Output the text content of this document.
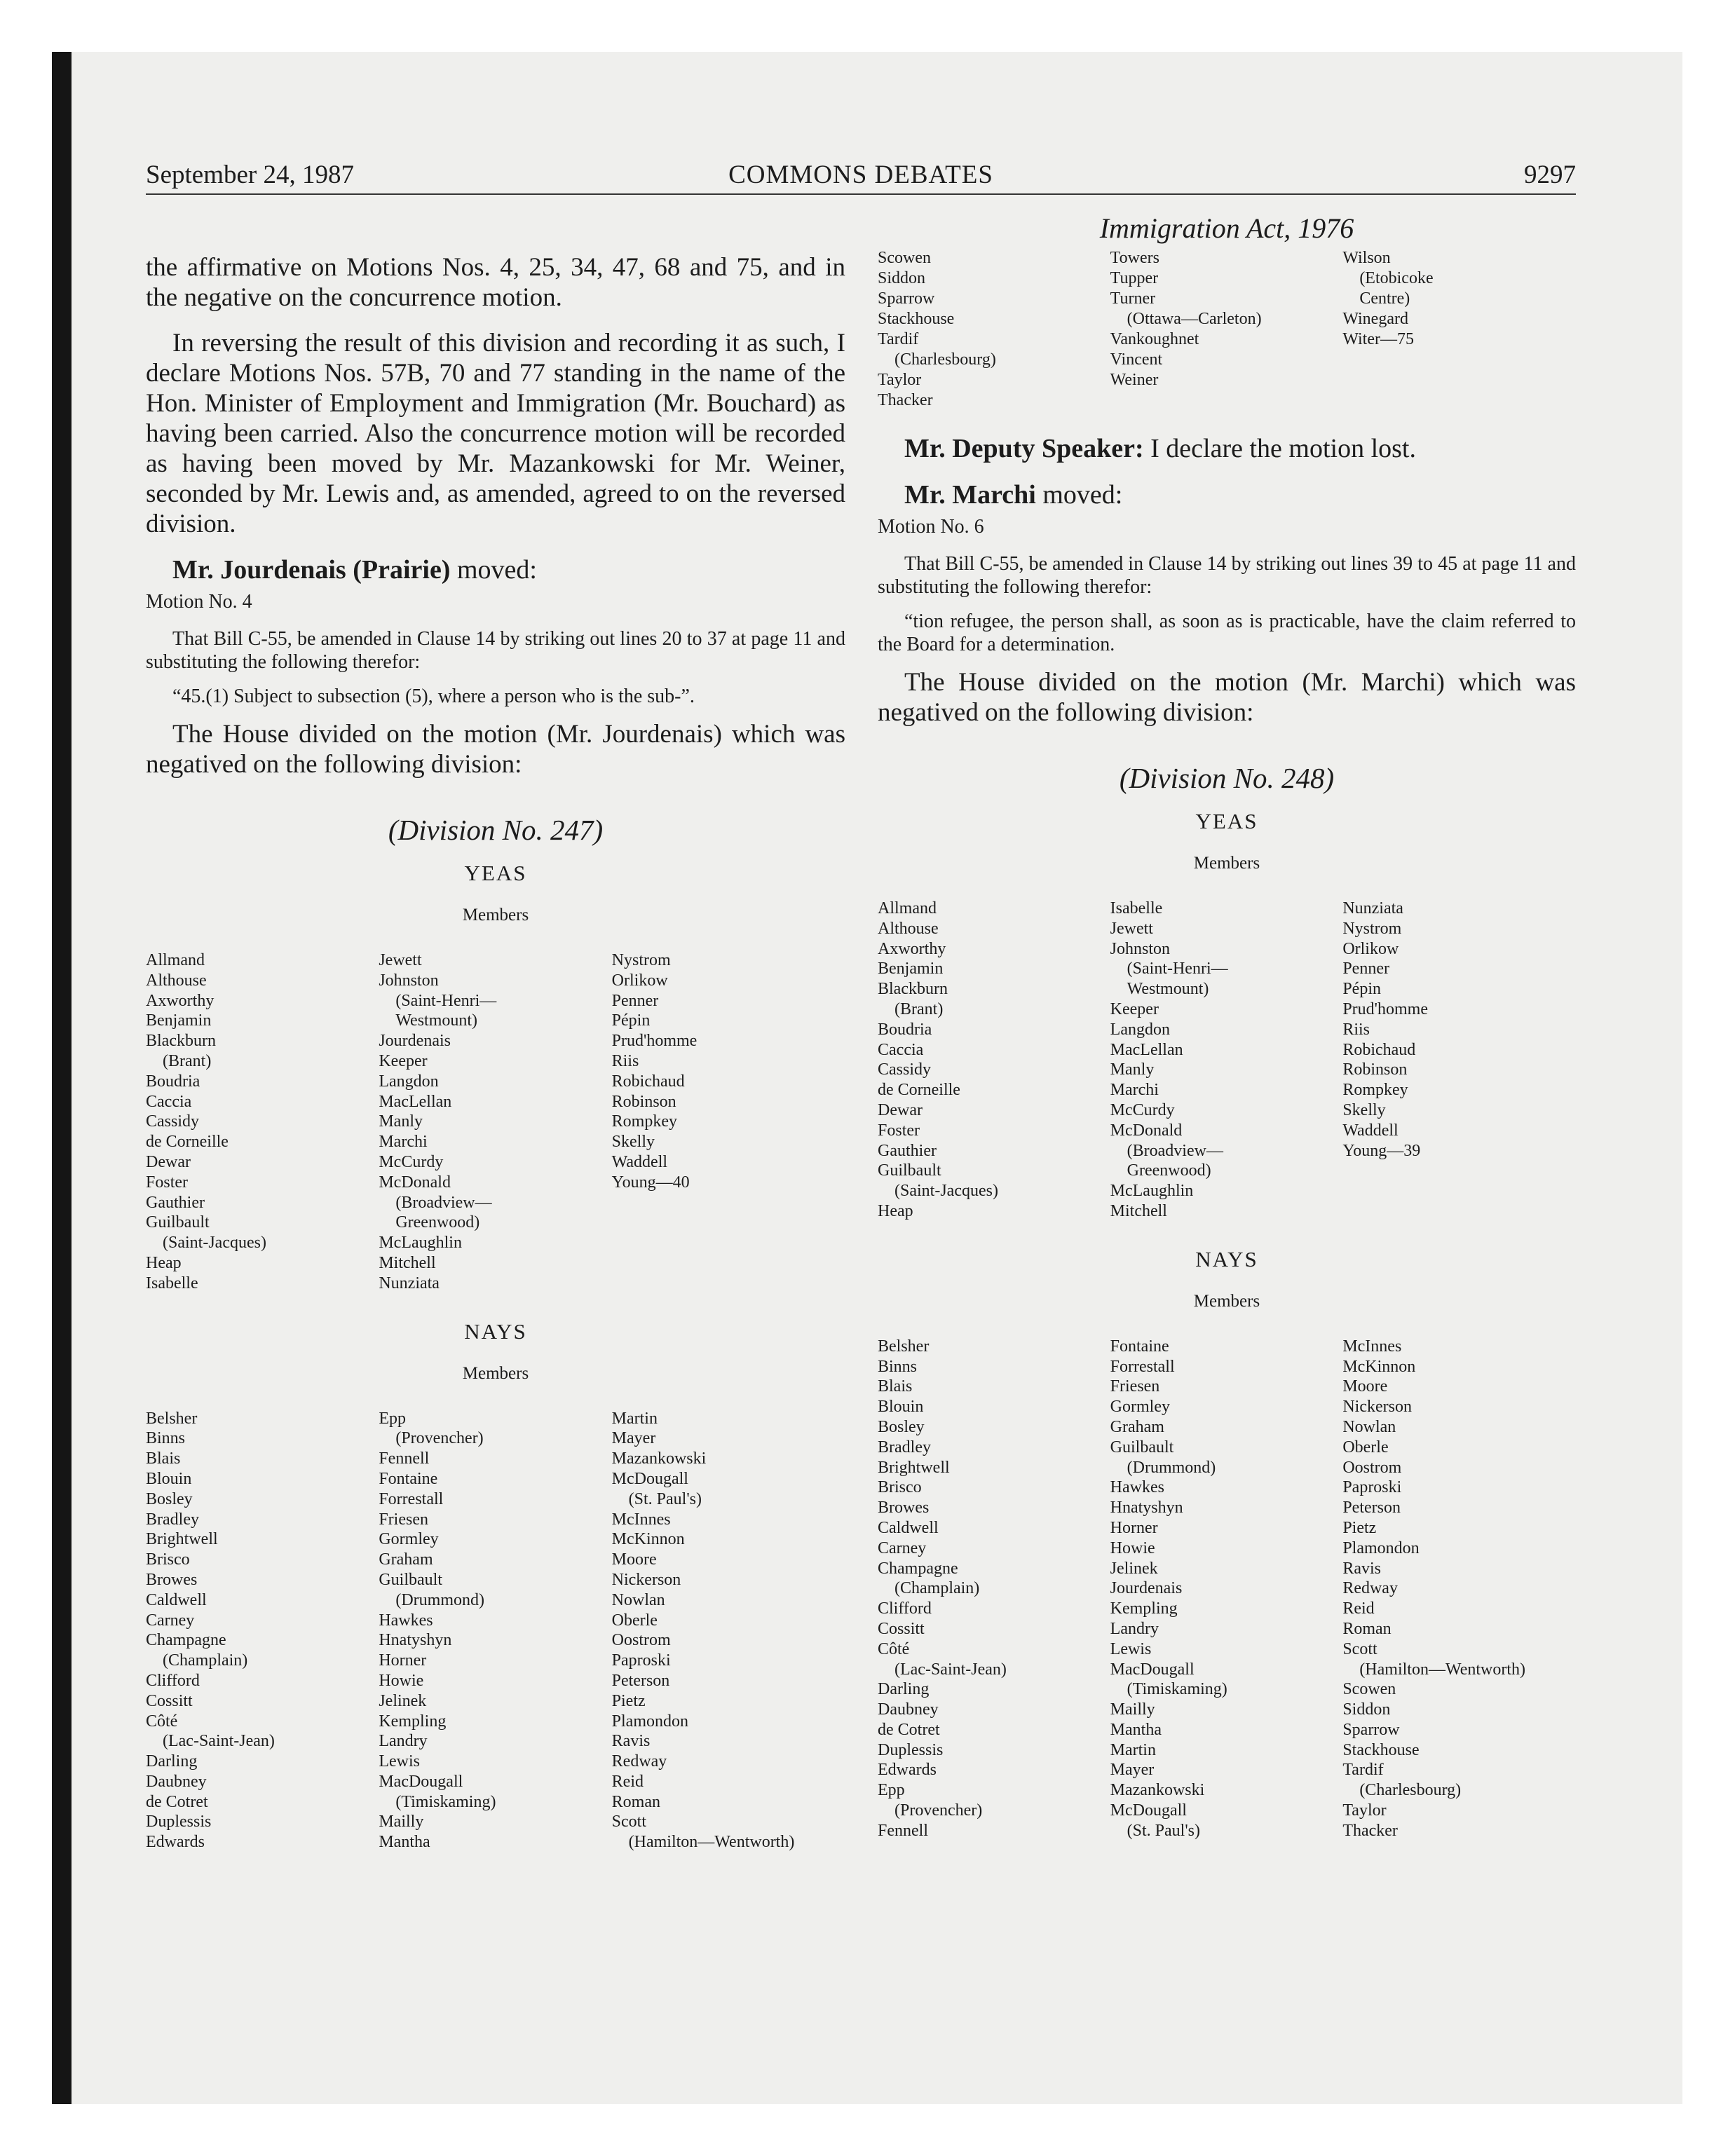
September 24, 1987	COMMONS DEBATES	9297

the affirmative on Motions Nos. 4, 25, 34, 47, 68 and 75, and in the negative on the concurrence motion.

In reversing the result of this division and recording it as such, I declare Motions Nos. 57B, 70 and 77 standing in the name of the Hon. Minister of Employment and Immigration (Mr. Bouchard) as having been carried. Also the concurrence motion will be recorded as having been moved by Mr. Mazankowski for Mr. Weiner, seconded by Mr. Lewis and, as amended, agreed to on the reversed division.

Mr. Jourdenais (Prairie) moved:

Motion No. 4

That Bill C-55, be amended in Clause 14 by striking out lines 20 to 37 at page 11 and substituting the following therefor:

“45.(1) Subject to subsection (5), where a person who is the sub-”.

The House divided on the motion (Mr. Jourdenais) which was negatived on the following division:

(Division No. 247)
YEAS
Members
Allmand
Althouse
Axworthy
Benjamin
Blackburn
(Brant)
Boudria
Caccia
Cassidy
de Corneille
Dewar
Foster
Gauthier
Guilbault
(Saint-Jacques)
Heap
Isabelle
Jewett
Johnston
(Saint-Henri—
Westmount)
Jourdenais
Keeper
Langdon
MacLellan
Manly
Marchi
McCurdy
McDonald
(Broadview—
Greenwood)
McLaughlin
Mitchell
Nunziata
Nystrom
Orlikow
Penner
Pépin
Prud'homme
Riis
Robichaud
Robinson
Rompkey
Skelly
Waddell
Young—40
NAYS
Members
Belsher
Binns
Blais
Blouin
Bosley
Bradley
Brightwell
Brisco
Browes
Caldwell
Carney
Champagne
(Champlain)
Clifford
Cossitt
Côté
(Lac-Saint-Jean)
Darling
Daubney
de Cotret
Duplessis
Edwards
Epp
(Provencher)
Fennell
Fontaine
Forrestall
Friesen
Gormley
Graham
Guilbault
(Drummond)
Hawkes
Hnatyshyn
Horner
Howie
Jelinek
Kempling
Landry
Lewis
MacDougall
(Timiskaming)
Mailly
Mantha
Martin
Mayer
Mazankowski
McDougall
(St. Paul's)
McInnes
McKinnon
Moore
Nickerson
Nowlan
Oberle
Oostrom
Paproski
Peterson
Pietz
Plamondon
Ravis
Redway
Reid
Roman
Scott
(Hamilton—Wentworth)
Immigration Act, 1976
Scowen
Siddon
Sparrow
Stackhouse
Tardif
(Charlesbourg)
Taylor
Thacker
Towers
Tupper
Turner
(Ottawa—Carleton)
Vankoughnet
Vincent
Weiner
Wilson
(Etobicoke
Centre)
Winegard
Witer—75

Mr. Deputy Speaker: I declare the motion lost.

Mr. Marchi moved:

Motion No. 6

That Bill C-55, be amended in Clause 14 by striking out lines 39 to 45 at page 11 and substituting the following therefor:

“tion refugee, the person shall, as soon as is practicable, have the claim referred to the Board for a determination.

The House divided on the motion (Mr. Marchi) which was negatived on the following division:

(Division No. 248)
YEAS
Members
Allmand
Althouse
Axworthy
Benjamin
Blackburn
(Brant)
Boudria
Caccia
Cassidy
de Corneille
Dewar
Foster
Gauthier
Guilbault
(Saint-Jacques)
Heap
Isabelle
Jewett
Johnston
(Saint-Henri—
Westmount)
Keeper
Langdon
MacLellan
Manly
Marchi
McCurdy
McDonald
(Broadview—
Greenwood)
McLaughlin
Mitchell
Nunziata
Nystrom
Orlikow
Penner
Pépin
Prud'homme
Riis
Robichaud
Robinson
Rompkey
Skelly
Waddell
Young—39
NAYS
Members
Belsher
Binns
Blais
Blouin
Bosley
Bradley
Brightwell
Brisco
Browes
Caldwell
Carney
Champagne
(Champlain)
Clifford
Cossitt
Côté
(Lac-Saint-Jean)
Darling
Daubney
de Cotret
Duplessis
Edwards
Epp
(Provencher)
Fennell
Fontaine
Forrestall
Friesen
Gormley
Graham
Guilbault
(Drummond)
Hawkes
Hnatyshyn
Horner
Howie
Jelinek
Jourdenais
Kempling
Landry
Lewis
MacDougall
(Timiskaming)
Mailly
Mantha
Martin
Mayer
Mazankowski
McDougall
(St. Paul's)
McInnes
McKinnon
Moore
Nickerson
Nowlan
Oberle
Oostrom
Paproski
Peterson
Pietz
Plamondon
Ravis
Redway
Reid
Roman
Scott
(Hamilton—Wentworth)
Scowen
Siddon
Sparrow
Stackhouse
Tardif
(Charlesbourg)
Taylor
Thacker
